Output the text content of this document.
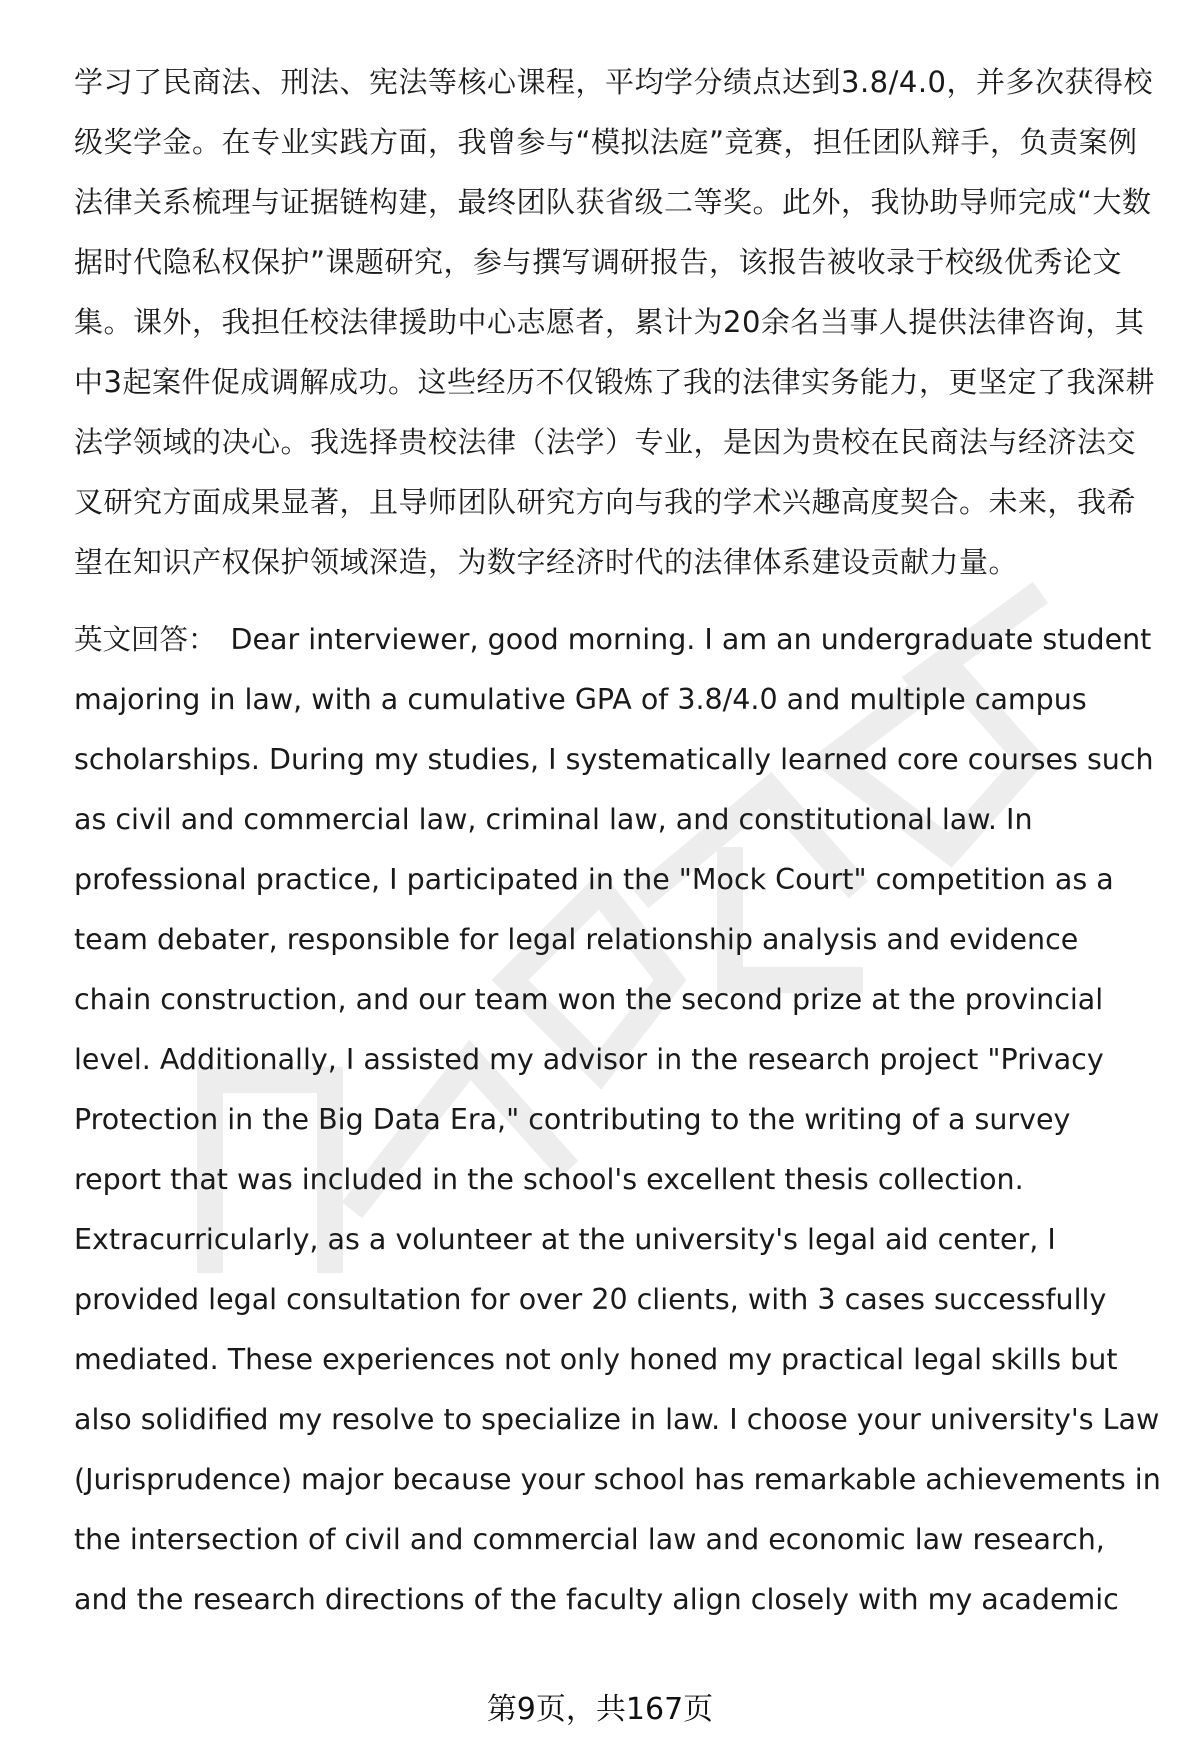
学习了民商法、刑法、宪法等核心课程，平均学分绩点达到3.8/4.0，并多次获得校级奖学金。在专业实践方面，我曾参与“模拟法庭”竞赛，担任团队辩手，负责案例法律关系梳理与证据链构建，最终团队获省级二等奖。此外，我协助导师完成“大数据时代隐私权保护”课题研究，参与撰写调研报告，该报告被收录于校级优秀论文集。课外，我担任校法律援助中心志愿者，累计为20余名当事人提供法律咨询，其中3起案件促成调解成功。这些经历不仅锻炼了我的法律实务能力，更坚定了我深耕法学领域的决心。我选择贵校法律（法学）专业，是因为贵校在民商法与经济法交叉研究方面成果显著，且导师团队研究方向与我的学术兴趣高度契合。未来，我希望在知识产权保护领域深造，为数字经济时代的法律体系建设贡献力量。

英文回答： Dear interviewer, good morning. I am an undergraduate student majoring in law, with a cumulative GPA of 3.8/4.0 and multiple campus scholarships. During my studies, I systematically learned core courses such as civil and commercial law, criminal law, and constitutional law. In professional practice, I participated in the "Mock Court" competition as a team debater, responsible for legal relationship analysis and evidence chain construction, and our team won the second prize at the provincial level. Additionally, I assisted my advisor in the research project "Privacy Protection in the Big Data Era," contributing to the writing of a survey report that was included in the school's excellent thesis collection. Extracurricularly, as a volunteer at the university's legal aid center, I provided legal consultation for over 20 clients, with 3 cases successfully mediated. These experiences not only honed my practical legal skills but also solidified my resolve to specialize in law. I choose your university's Law (Jurisprudence) major because your school has remarkable achievements in the intersection of civil and commercial law and economic law research, and the research directions of the faculty align closely with my academic

第9页，共167页
